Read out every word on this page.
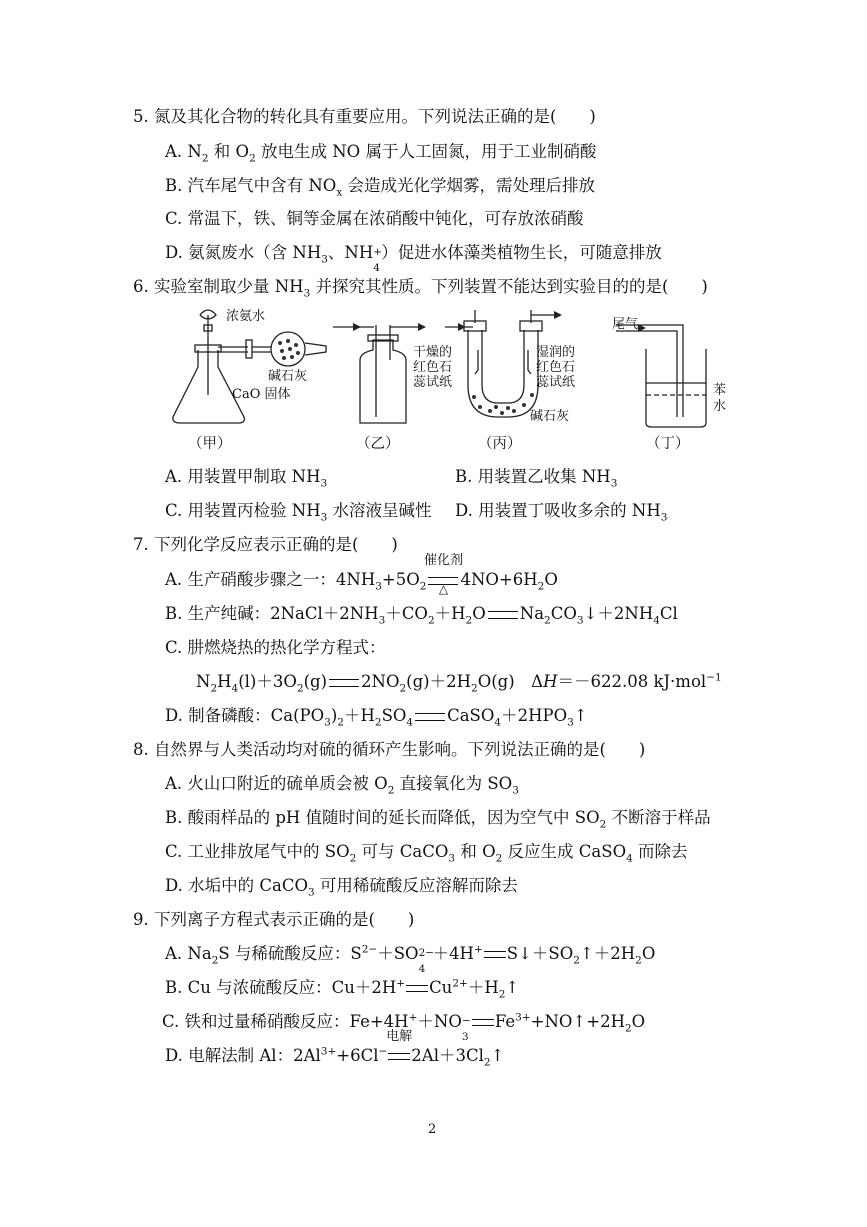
5. 氮及其化合物的转化具有重要应用。下列说法正确的是(　　)
A. $N_2$ 和 $O_2$ 放电生成 NO 属于人工固氮，用于工业制硝酸
B. 汽车尾气中含有 $NO_x$ 会造成光化学烟雾，需处理后排放
C. 常温下，铁、铜等金属在浓硝酸中钝化，可存放浓硝酸
D. 氨氮废水（含 $NH_3$、NH +
4
）促进水体藻类植物生长，可随意排放
6. 实验室制取少量 $NH_3$ 并探究其性质。下列装置不能达到实验目的的是(　　)
浓氨水
碱石灰
CaO 固体
干燥的
红色石
蕊试纸
湿润的
红色石
蕊试纸
碱石灰
尾气
苯
水
（甲）	（乙）	（丙）	（丁）
A. 用装置甲制取 $NH_3$	B. 用装置乙收集 $NH_3$
C. 用装置丙检验 $NH_3$ 水溶液呈碱性 D. 用装置丁吸收多余的 $NH_3$
7. 下列化学反应表示正确的是(　　)
A. 生产硝酸步骤之一：$4NH_3+5O_2$
催化剂
△ $4NO+6H_2O$
B. 生产纯碱：$2NaCl+2NH_3+CO_2+H_2O$ $Na_2CO_3↓+2NH_4Cl$
C. 肼燃烧热的热化学方程式：
$N_2H_4(l)+3O_2(g)$ $2NO_2(g)+2H_2O(g)$　ΔH＝－622.08 kJ·mol$^{-1}$
D. 制备磷酸：$Ca(PO_3)_2+H_2SO_4$ $CaSO_4+2HPO_3↑$
8. 自然界与人类活动均对硫的循环产生影响。下列说法正确的是(　　)
A. 火山口附近的硫单质会被 $O_2$ 直接氧化为 $SO_3$
B. 酸雨样品的 pH 值随时间的延长而降低，因为空气中 $SO_2$ 不断溶于样品
C. 工业排放尾气中的 $SO_2$ 可与 CaCO$_3$ 和 $O_2$ 反应生成 CaSO$_4$ 而除去
D. 水垢中的 CaCO$_3$ 可用稀硫酸反应溶解而除去
9. 下列离子方程式表示正确的是(　　)
A. $Na_2S$ 与稀硫酸反应：$S^{2-}+SO$ 2−
4
＋4H+ $S↓+SO_2↑+2H_2O$
B. Cu 与浓硫酸反应：Cu＋2H+ $Cu^{2+}+H_2↑$
C. 铁和过量稀硝酸反应：Fe+4H+＋NO −
3
$Fe^{3+}+NO↑+2H_2O$
D. 电解法制 Al：$2Al^{3+}+6Cl^-$
电解
$2Al+3Cl_2↑$
2
